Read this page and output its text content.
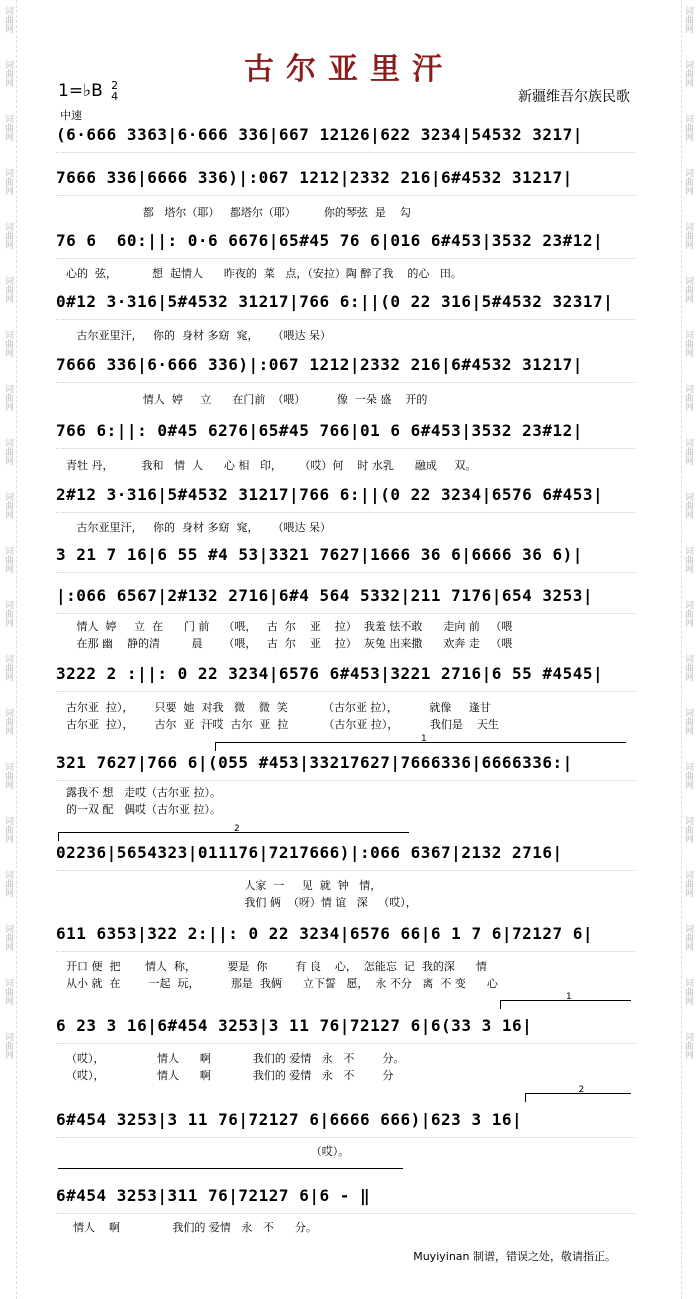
词曲网
词曲网
词曲网
词曲网
词曲网
词曲网
词曲网
词曲网
词曲网
词曲网
词曲网
词曲网
词曲网
词曲网
词曲网
词曲网
词曲网
词曲网
词曲网
词曲网
词曲网
词曲网
词曲网
词曲网
词曲网
词曲网
词曲网
词曲网
词曲网
词曲网
词曲网
词曲网
词曲网
词曲网
词曲网
词曲网
词曲网
词曲网
词曲网
词曲网
古尔亚里汗
1=♭B 2
4
中速
新疆维吾尔族民歌
(6·666 3363|6·666 336|667 12126|622 3234|54532 3217|
7666 336|6666 336)|:067 1212|2332 216|6#4532 31217|
76 6  60:||: 0·6 6676|65#45 76 6|016 6#453|3532 23#12|
0#12 3·316|5#4532 31217|766 6:||(0 22 316|5#4532 32317|
7666 336|6·666 336)|:067 1212|2332 216|6#4532 31217|
766 6:||: 0#45 6276|65#45 766|01 6 6#453|3532 23#12|
2#12 3·316|5#4532 31217|766 6:||(0 22 3234|6576 6#453|
3 21 7 16|6 55 #4 53|3321 7627|1666 36 6|6666 36 6)|
|:066 6567|2#132 2716|6#4 564 5332|211 7176|654 3253|
3222 2 :||: 0 22 3234|6576 6#453|3221 2716|6 55 #4545|
321 7627|766 6|(055 #453|33217627|7666336|6666336:|
02236|5654323|011176|7217666)|:066 6367|2132 2716|
611 6353|322 2:||: 0 22 3234|6576 66|6 1 7 6|72127 6|
6 23 3 16|6#454 3253|3 11 76|72127 6|6(33 3 16|
6#454 3253|3 11 76|72127 6|6666 666)|623 3 16|
6#454 3253|311 76|72127 6|6 - ‖
都   塔尔（耶）   都塔尔（耶）        你的琴弦  是    勾
心的  弦，          想  起情人      昨夜的  菜   点，（安拉）陶 醉了我    的心   田。
古尔亚里汗，   你的  身材 多窈  窕，    （喂达 呆）
情人  婷     立      在门前  （喂）         像  一朵 盛    开的
青牡 丹，        我和   情  人      心 相   印，     （哎）何    时 水乳      融成     双。
古尔亚里汗，   你的  身材 多窈  窕，    （喂达 呆）
情人  婷     立  在      门 前    （喂，   古  尔    亚    拉）  我羞 怯不敢      走向 前   （喂
在那 幽    静的清         晨      （喂，   古  尔    亚    拉）  灰兔 出来撒      欢奔 走   （喂
古尔亚  拉），      只要  她  对我   微    微  笑          （古尔亚 拉），         就像     逢甘
古尔亚  拉），      古尔  亚  汗哎  古尔  亚  拉          （古尔亚 拉），         我们是    天生
露我不 想   走哎（古尔亚 拉）。
的一双 配   偶哎（古尔亚 拉）。
人家  一     见  就  钟   情，
我们 俩  （呀）情 谊   深   （哎），
开口 便  把       情人  称，         要是  你        有 良    心，  怎能忘  记  我的深      情
从小 就  在        一起  玩，         那是  我俩      立下誓   愿，  永 不分   离  不 变      心
（哎），               情人      啊            我们的 爱情   永   不        分。
（哎），               情人      啊            我们的 爱情   永   不        分
（哎）。
情人    啊               我们的 爱情   永   不      分。
1
2
1
2
Muyiyinan 制谱，错误之处，敬请指正。
